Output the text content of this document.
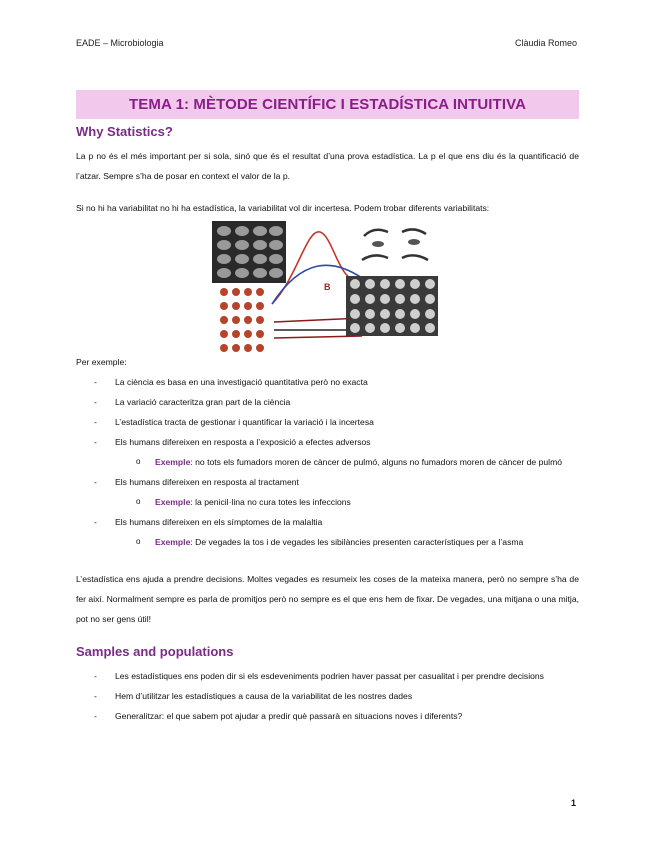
EADE – Microbiologia	Clàudia Romeo
TEMA 1: MÈTODE CIENTÍFIC I ESTADÍSTICA INTUITIVA
Why Statistics?
La p no és el més important per si sola, sinó que és el resultat d’una prova estadística. La p el que ens diu és la quantificació de l’atzar. Sempre s’ha de posar en context el valor de la p.
Si no hi ha variabilitat no hi ha estadística, la variabilitat vol dir incertesa. Podem trobar diferents variabilitats:
B
Per exemple:
- La ciència es basa en una investigació quantitativa però no exacta
- La variació caracteritza gran part de la ciència
- L’estadística tracta de gestionar i quantificar la variació i la incertesa
- Els humans difereixen en resposta a l’exposició a efectes adversos
o Exemple: no tots els fumadors moren de càncer de pulmó, alguns no fumadors moren de càncer de pulmó
- Els humans difereixen en resposta al tractament
o Exemple: la penicil·lina no cura totes les infeccions
- Els humans difereixen en els símptomes de la malaltia
o Exemple: De vegades la tos i de vegades les sibilàncies presenten característiques per a l’asma
L’estadística ens ajuda a prendre decisions. Moltes vegades es resumeix les coses de la mateixa manera, però no sempre s’ha de fer així. Normalment sempre es parla de promitjos però no sempre es el que ens hem de fixar. De vegades, una mitjana o una mitja, pot no ser gens útil!
Samples and populations
- Les estadístiques ens poden dir si els esdeveniments podrien haver passat per casualitat i per prendre decisions
- Hem d’utilitzar les estadístiques a causa de la variabilitat de les nostres dades
- Generalitzar: el que sabem pot ajudar a predir què passarà en situacions noves i diferents?
1
